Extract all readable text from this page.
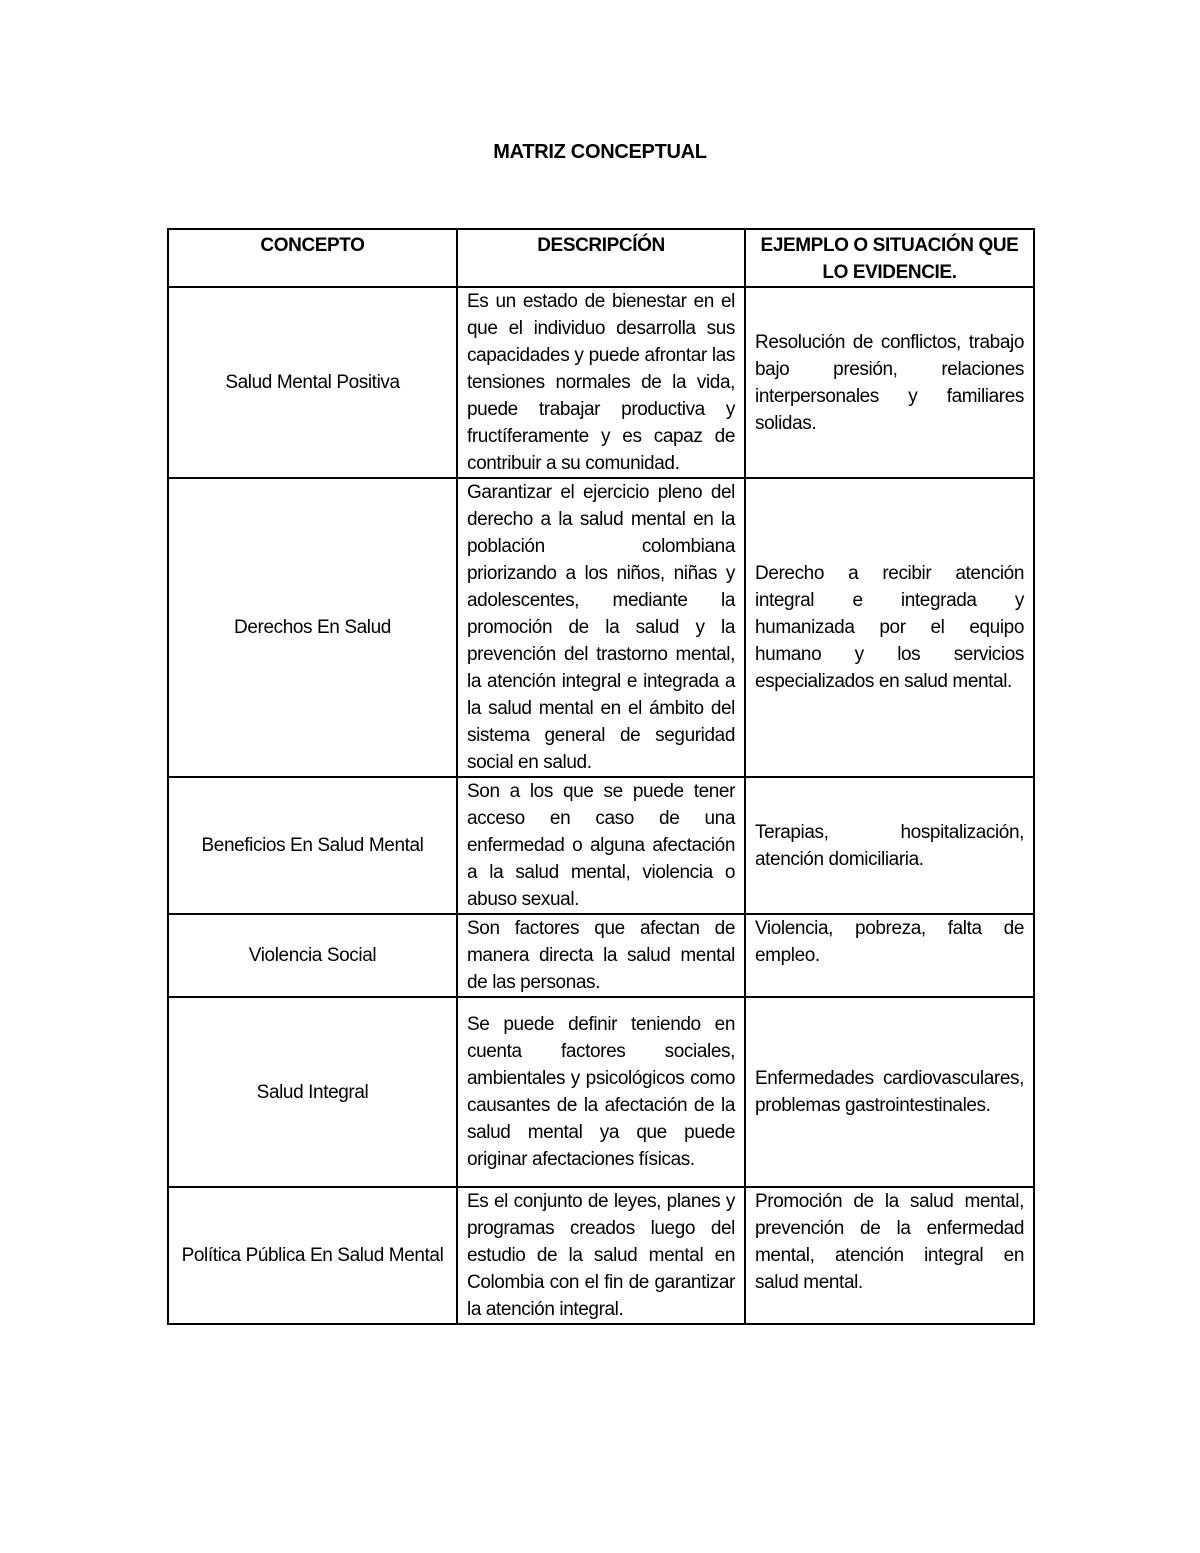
MATRIZ CONCEPTUAL
CONCEPTO	DESCRIPCÍÓN	EJEMPLO O SITUACIÓN QUE LO EVIDENCIE.
Salud Mental Positiva	Es un estado de bienestar en el que el individuo desarrolla sus capacidades y puede afrontar las tensiones normales de la vida, puede trabajar productiva y fructíferamente y es capaz de contribuir a su comunidad.	Resolución de conflictos, trabajo bajo presión, relaciones interpersonales y familiares solidas.
Derechos En Salud	Garantizar el ejercicio pleno del derecho a la salud mental en la población colombiana priorizando a los niños, niñas y adolescentes, mediante la promoción de la salud y la prevención del trastorno mental, la atención integral e integrada a la salud mental en el ámbito del sistema general de seguridad social en salud.	Derecho a recibir atención integral e integrada y humanizada por el equipo humano y los servicios especializados en salud mental.
Beneficios En Salud Mental	Son a los que se puede tener acceso en caso de una enfermedad o alguna afectación a la salud mental, violencia o abuso sexual.	Terapias, hospitalización, atención domiciliaria.
Violencia Social	Son factores que afectan de manera directa la salud mental de las personas.	Violencia, pobreza, falta de empleo.
Salud Integral	Se puede definir teniendo en cuenta factores sociales, ambientales y psicológicos como causantes de la afectación de la salud mental ya que puede originar afectaciones físicas.	Enfermedades cardiovasculares, problemas gastrointestinales.
Política Pública En Salud Mental	Es el conjunto de leyes, planes y programas creados luego del estudio de la salud mental en Colombia con el fin de garantizar la atención integral.	Promoción de la salud mental, prevención de la enfermedad mental, atención integral en salud mental.
